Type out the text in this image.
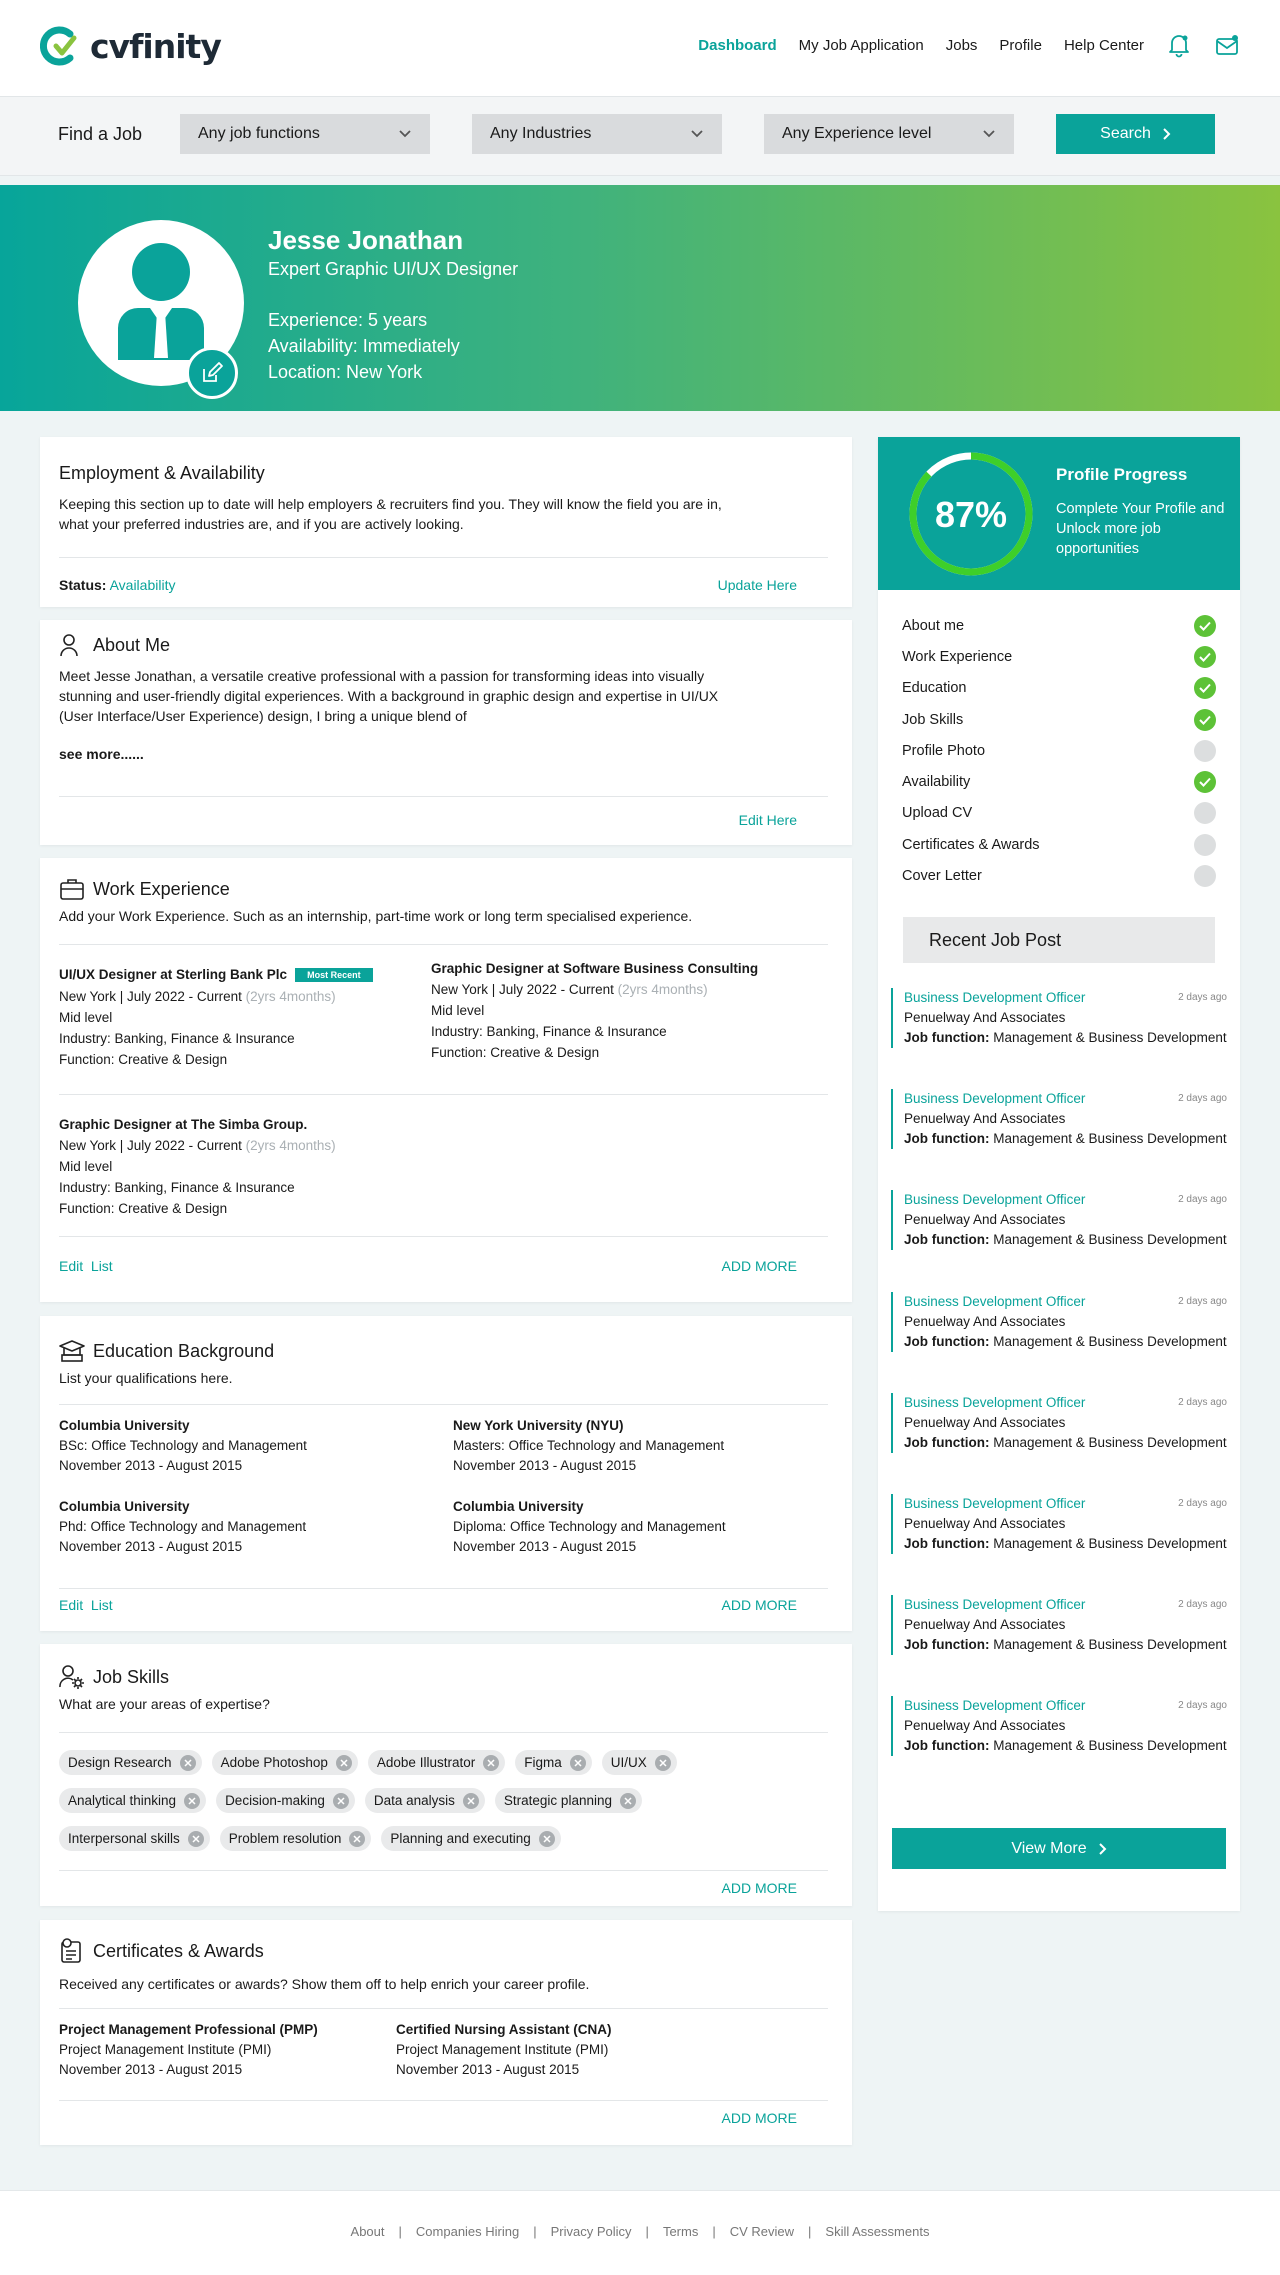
cvfinity	Dashboard My Job Application Jobs Profile Help Center
Find a Job	Any job functions	Any Industries	Any Experience level	Search
Jesse Jonathan
Expert Graphic UI/UX Designer
Experience: 5 years
Availability: Immediately
Location: New York
Employment & Availability
Keeping this section up to date will help employers & recruiters find you. They will know the field you are in, what your preferred industries are, and if you are actively looking.
Status: Availability	Update Here
About Me
Meet Jesse Jonathan, a versatile creative professional with a passion for transforming ideas into visually stunning and user-friendly digital experiences. With a background in graphic design and expertise in UI/UX (User Interface/User Experience) design, I bring a unique blend of
see more......
Edit Here
Work Experience
Add your Work Experience. Such as an internship, part-time work or long term specialised experience.
UI/UX Designer at Sterling Bank Plc Most Recent
New York | July 2022 - Current (2yrs 4months)
Mid level
Industry: Banking, Finance & Insurance
Function: Creative & Design
Graphic Designer at Software Business Consulting
New York | July 2022 - Current (2yrs 4months)
Mid level
Industry: Banking, Finance & Insurance
Function: Creative & Design
Graphic Designer at The Simba Group.
New York | July 2022 - Current (2yrs 4months)
Mid level
Industry: Banking, Finance & Insurance
Function: Creative & Design
Edit List	ADD MORE
Education Background
List your qualifications here.
Columbia University
BSc: Office Technology and Management
November 2013 - August 2015
New York University (NYU)
Masters: Office Technology and Management
November 2013 - August 2015
Columbia University
Phd: Office Technology and Management
November 2013 - August 2015
Columbia University
Diploma: Office Technology and Management
November 2013 - August 2015
Edit List	ADD MORE
Job Skills
What are your areas of expertise?
Design Research	Adobe Photoshop	Adobe Illustrator	Figma	UI/UX
Analytical thinking	Decision-making	Data analysis	Strategic planning
Interpersonal skills	Problem resolution	Planning and executing
ADD MORE
Certificates & Awards
Received any certificates or awards? Show them off to help enrich your career profile.
Project Management Professional (PMP)
Project Management Institute (PMI)
November 2013 - August 2015
Certified Nursing Assistant (CNA)
Project Management Institute (PMI)
November 2013 - August 2015
ADD MORE
87%
Profile Progress
Complete Your Profile and Unlock more job opportunities
About me
Work Experience
Education
Job Skills
Profile Photo
Availability
Upload CV
Certificates & Awards
Cover Letter
Recent Job Post
Business Development Officer	2 days ago
Penuelway And Associates
Job function: Management & Business Development
Business Development Officer	2 days ago
Penuelway And Associates
Job function: Management & Business Development
Business Development Officer	2 days ago
Penuelway And Associates
Job function: Management & Business Development
Business Development Officer	2 days ago
Penuelway And Associates
Job function: Management & Business Development
Business Development Officer	2 days ago
Penuelway And Associates
Job function: Management & Business Development
Business Development Officer	2 days ago
Penuelway And Associates
Job function: Management & Business Development
Business Development Officer	2 days ago
Penuelway And Associates
Job function: Management & Business Development
Business Development Officer	2 days ago
Penuelway And Associates
Job function: Management & Business Development
View More
About | Companies Hiring | Privacy Policy | Terms | CV Review | Skill Assessments
